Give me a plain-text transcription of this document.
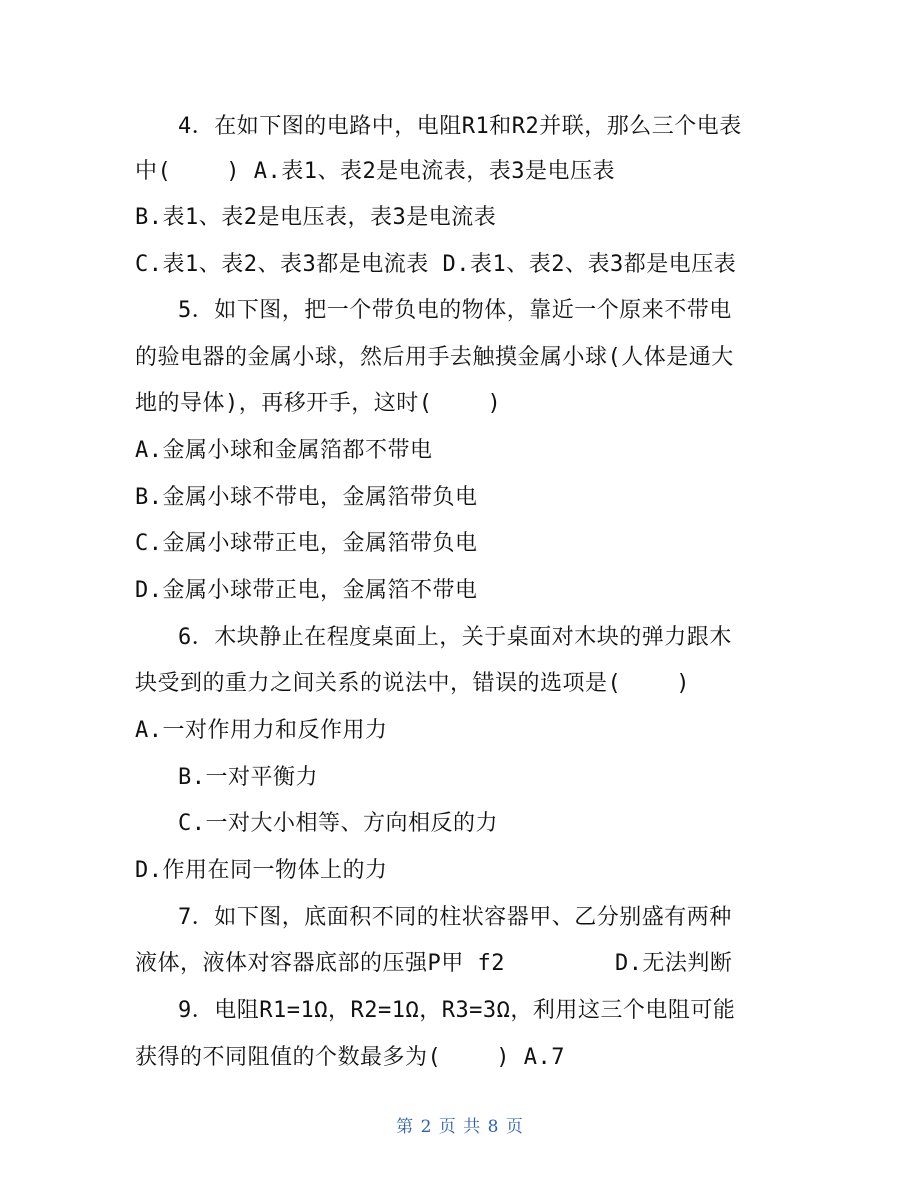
4．在如下图的电路中，电阻R1和R2并联，那么三个电表
中(    ) A.表1、表2是电流表，表3是电压表
B.表1、表2是电压表，表3是电流表
C.表1、表2、表3都是电流表 D.表1、表2、表3都是电压表
5．如下图，把一个带负电的物体，靠近一个原来不带电
的验电器的金属小球，然后用手去触摸金属小球(人体是通大
地的导体)，再移开手，这时(    )
A.金属小球和金属箔都不带电
B.金属小球不带电，金属箔带负电
C.金属小球带正电，金属箔带负电
D.金属小球带正电，金属箔不带电
6．木块静止在程度桌面上，关于桌面对木块的弹力跟木
块受到的重力之间关系的说法中，错误的选项是(    )
A.一对作用力和反作用力
B.一对平衡力
C.一对大小相等、方向相反的力
D.作用在同一物体上的力
7．如下图，底面积不同的柱状容器甲、乙分别盛有两种
液体，液体对容器底部的压强P甲 f2        D.无法判断
9．电阻R1=1Ω，R2=1Ω，R3=3Ω，利用这三个电阻可能
获得的不同阻值的个数最多为(    ) A.7
第 2 页 共 8 页
